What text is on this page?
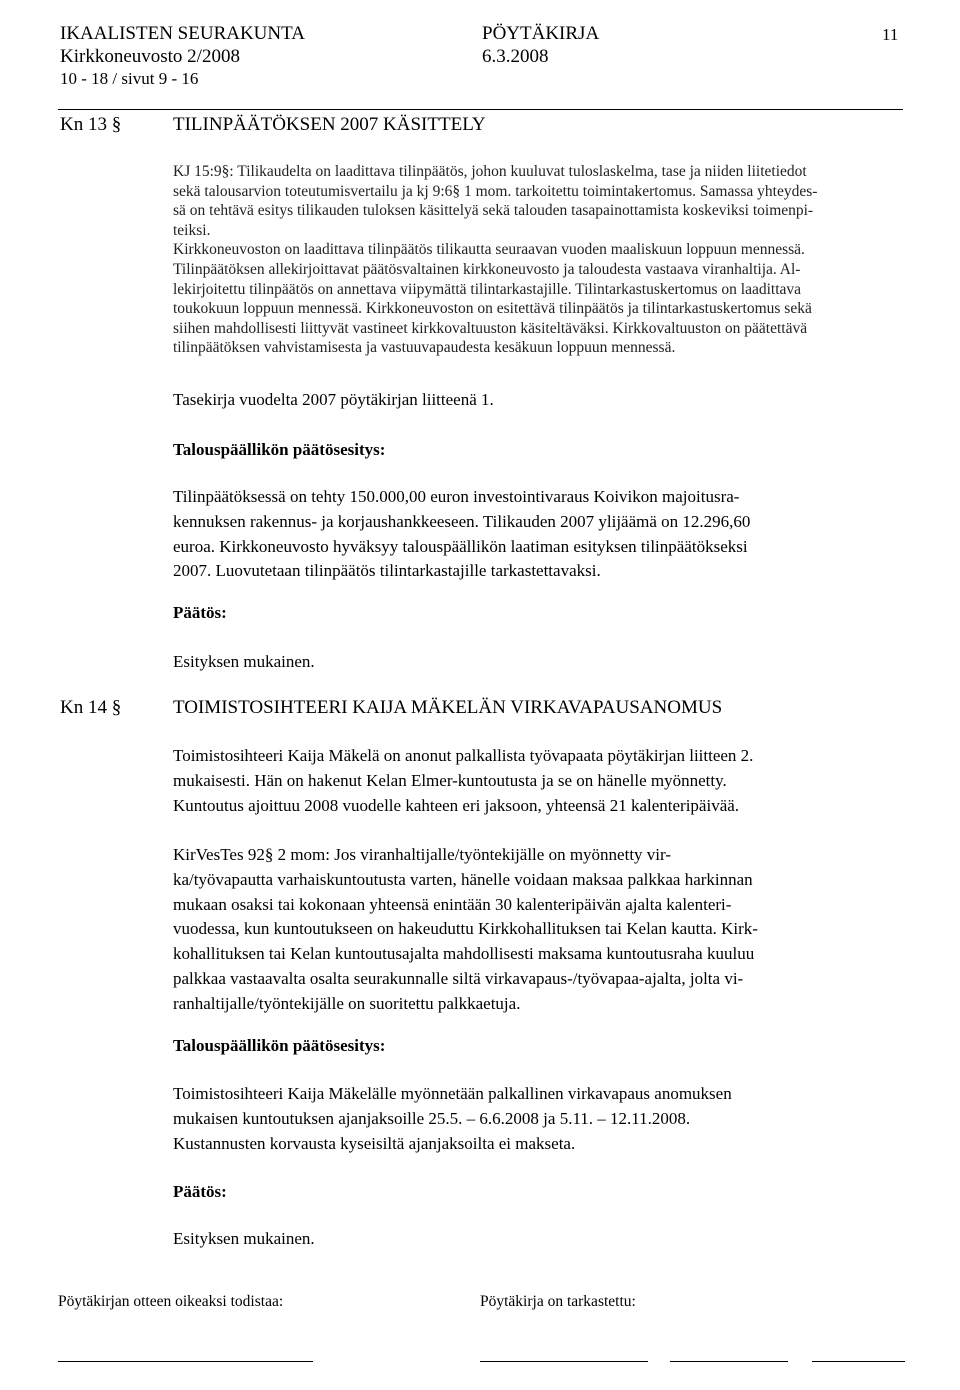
IKAALISTEN SEURAKUNTA	PÖYTÄKIRJA	11
Kirkkoneuvosto 2/2008	6.3.2008
10 - 18 / sivut 9 - 16
Kn 13 §	TILINPÄÄTÖKSEN 2007 KÄSITTELY

KJ 15:9§: Tilikaudelta on laadittava tilinpäätös, johon kuuluvat tuloslaskelma, tase ja niiden liitetiedot

sekä talousarvion toteutumisvertailu ja kj 9:6§ 1 mom. tarkoitettu toimintakertomus. Samassa yhteydes-

sä on tehtävä esitys tilikauden tuloksen käsittelyä sekä talouden tasapainottamista koskeviksi toimenpi-

teiksi.

Kirkkoneuvoston on laadittava tilinpäätös tilikautta seuraavan vuoden maaliskuun loppuun mennessä.

Tilinpäätöksen allekirjoittavat päätösvaltainen kirkkoneuvosto ja taloudesta vastaava viranhaltija. Al-

lekirjoitettu tilinpäätös on annettava viipymättä tilintarkastajille. Tilintarkastuskertomus on laadittava

toukokuun loppuun mennessä. Kirkkoneuvoston on esitettävä tilinpäätös ja tilintarkastuskertomus sekä

siihen mahdollisesti liittyvät vastineet kirkkovaltuuston käsiteltäväksi. Kirkkovaltuuston on päätettävä

tilinpäätöksen vahvistamisesta ja vastuuvapaudesta kesäkuun loppuun mennessä.

Tasekirja vuodelta 2007 pöytäkirjan liitteenä 1.
Talouspäällikön päätösesitys:

Tilinpäätöksessä on tehty 150.000,00 euron investointivaraus Koivikon majoitusra-

kennuksen rakennus- ja korjaushankkeeseen. Tilikauden 2007 ylijäämä on 12.296,60

euroa. Kirkkoneuvosto hyväksyy talouspäällikön laatiman esityksen tilinpäätökseksi

2007. Luovutetaan tilinpäätös tilintarkastajille tarkastettavaksi.

Päätös:
Esityksen mukainen.
Kn 14 §	TOIMISTOSIHTEERI KAIJA MÄKELÄN VIRKAVAPAUSANOMUS

Toimistosihteeri Kaija Mäkelä on anonut palkallista työvapaata pöytäkirjan liitteen 2.

mukaisesti. Hän on hakenut Kelan Elmer-kuntoutusta ja se on hänelle myönnetty.

Kuntoutus ajoittuu 2008 vuodelle kahteen eri jaksoon, yhteensä 21 kalenteripäivää.

KirVesTes 92§ 2 mom: Jos viranhaltijalle/työntekijälle on myönnetty vir-

ka/työvapautta varhaiskuntoutusta varten, hänelle voidaan maksaa palkkaa harkinnan

mukaan osaksi tai kokonaan yhteensä enintään 30 kalenteripäivän ajalta kalenteri-

vuodessa, kun kuntoutukseen on hakeuduttu Kirkkohallituksen tai Kelan kautta. Kirk-

kohallituksen tai Kelan kuntoutusajalta mahdollisesti maksama kuntoutusraha kuuluu

palkkaa vastaavalta osalta seurakunnalle siltä virkavapaus-/työvapaa-ajalta, jolta vi-

ranhaltijalle/työntekijälle on suoritettu palkkaetuja.

Talouspäällikön päätösesitys:

Toimistosihteeri Kaija Mäkelälle myönnetään palkallinen virkavapaus anomuksen

mukaisen kuntoutuksen ajanjaksoille 25.5. – 6.6.2008 ja 5.11. – 12.11.2008.

Kustannusten korvausta kyseisiltä ajanjaksoilta ei makseta.

Päätös:
Esityksen mukainen.
Pöytäkirjan otteen oikeaksi todistaa:	Pöytäkirja on tarkastettu:
